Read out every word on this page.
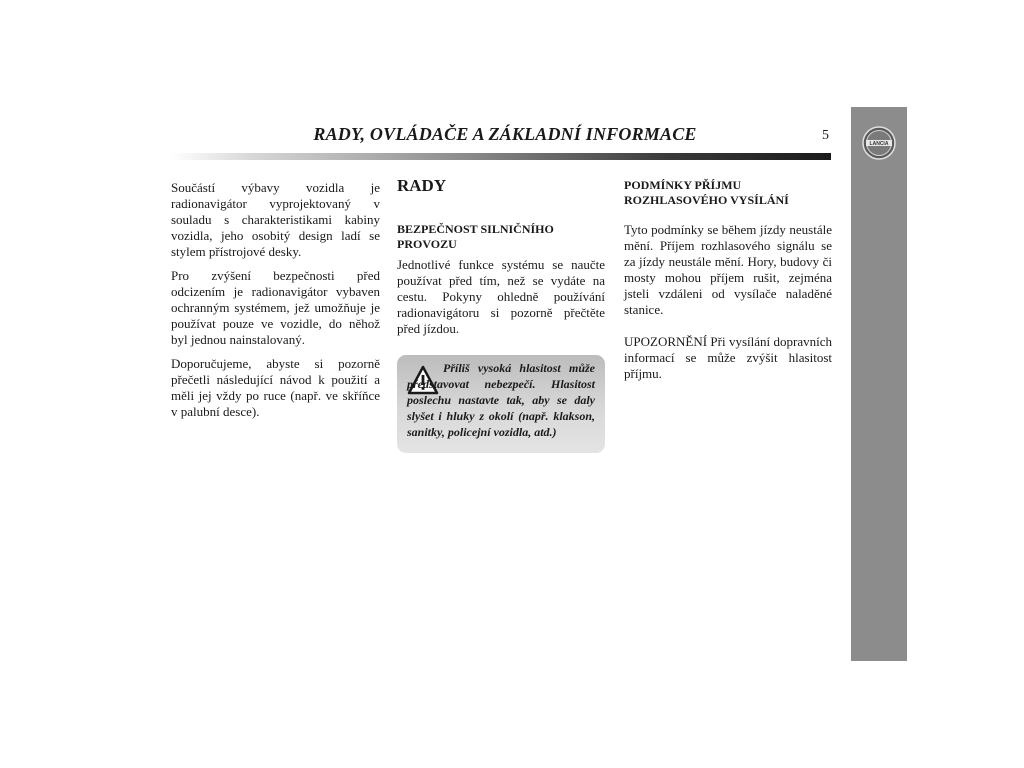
LANCIA
RADY, OVLÁDAČE A ZÁKLADNÍ INFORMACE	5

Součástí výbavy vozidla je radionavigátor vyprojektovaný v souladu s charakteristikami kabiny vozidla, jeho osobitý design ladí se stylem přístrojové desky.

Pro zvýšení bezpečnosti před odcizením je radionavigátor vybaven ochranným systémem, jež umožňuje je používat pouze ve vozidle, do něhož byl jednou nainstalovaný.

Doporučujeme, abyste si pozorně přečetli následující návod k použití a měli jej vždy po ruce (např. ve skříňce v palubní desce).

RADY
BEZPEČNOST SILNIČNÍHO PROVOZU

Jednotlivé funkce systému se naučte používat před tím, než se vydáte na cestu. Pokyny ohledně používání radionavigátoru si pozorně přečtěte před jízdou.

Příliš vysoká hlasitost může představovat nebezpečí. Hlasitost poslechu nastavte tak, aby se daly slyšet i hluky z okolí (např. klakson, sanitky, policejní vozidla, atd.)
PODMÍNKY PŘÍJMU ROZHLASOVÉHO VYSÍLÁNÍ

Tyto podmínky se během jízdy neustále mění. Příjem rozhlasového signálu se za jízdy neustále mění. Hory, budovy či mosty mohou příjem rušit, zejména jsteli vzdáleni od vysílače naladěné stanice.

UPOZORNĚNÍ Při vysílání dopravních informací se může zvýšit hlasitost příjmu.
